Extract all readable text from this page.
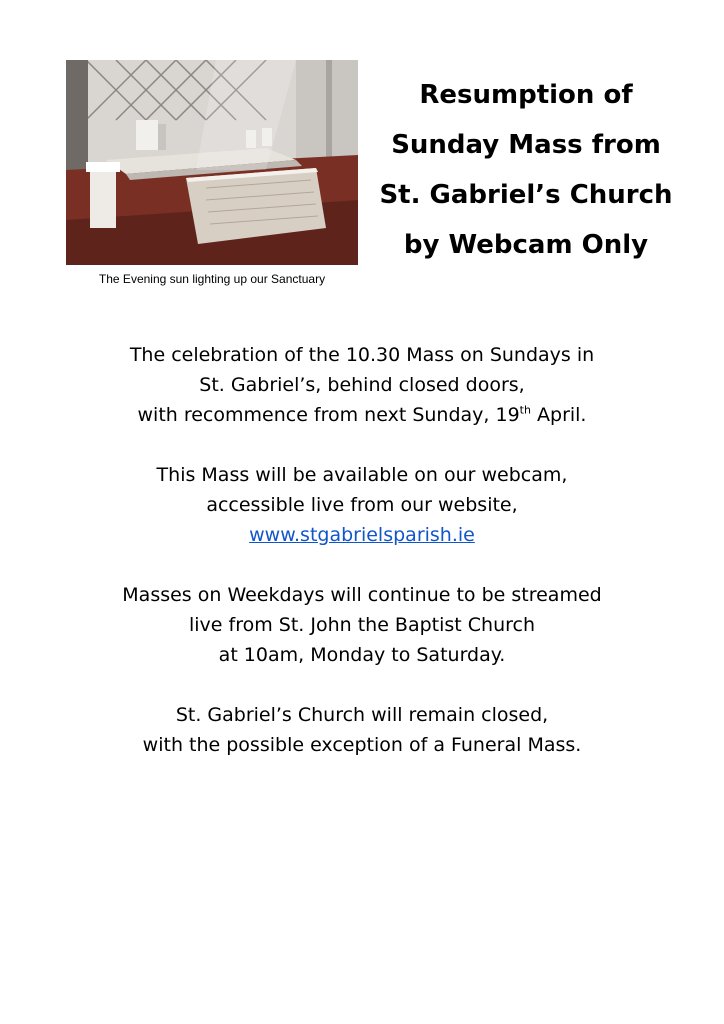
The Evening sun lighting up our Sanctuary
Resumption of
Sunday Mass from
St. Gabriel’s Church
by Webcam Only
The celebration of the 10.30 Mass on Sundays in
St. Gabriel’s, behind closed doors,
with recommence from next Sunday, 19th April.
This Mass will be available on our webcam,
accessible live from our website,
www.stgabrielsparish.ie
Masses on Weekdays will continue to be streamed
live from St. John the Baptist Church
at 10am, Monday to Saturday.
St. Gabriel’s Church will remain closed,
with the possible exception of a Funeral Mass.
